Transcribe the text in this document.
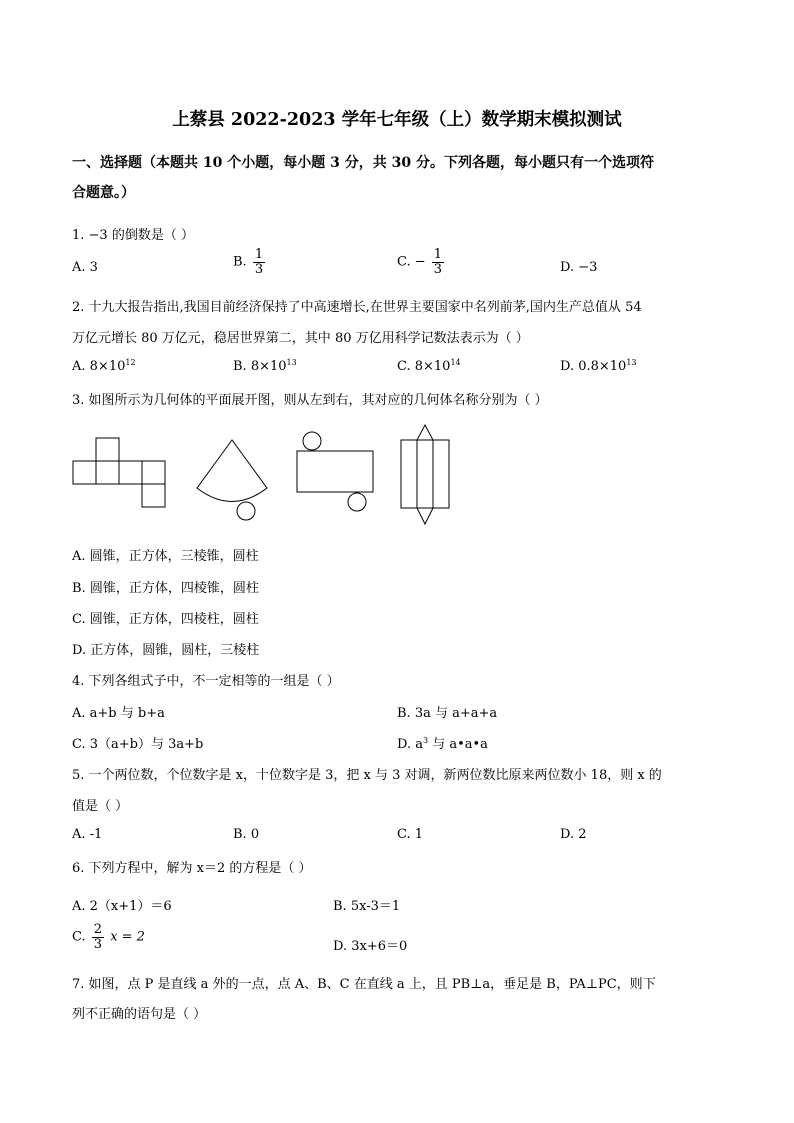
上蔡县 2022-2023 学年七年级（上）数学期末模拟测试
一、选择题（本题共 10 个小题，每小题 3 分，共 30 分。下列各题，每小题只有一个选项符
合题意。）
1. −3 的倒数是（ ）
A. 3	B. $\frac{1}{3}$	C. − $\frac{1}{3}$	D. −3
2. 十九大报告指出,我国目前经济保持了中高速增长,在世界主要国家中名列前茅,国内生产总值从 54
万亿元增长 80 万亿元，稳居世界第二，其中 80 万亿用科学记数法表示为（ ）
A. $8\times 10^{12}$	B. $8\times 10^{13}$	C. $8\times 10^{14}$	D. $0.8\times 10^{13}$
3. 如图所示为几何体的平面展开图，则从左到右，其对应的几何体名称分别为（ ）
A. 圆锥，正方体，三棱锥，圆柱
B. 圆锥，正方体，四棱锥，圆柱
C. 圆锥，正方体，四棱柱，圆柱
D. 正方体，圆锥，圆柱，三棱柱
4. 下列各组式子中，不一定相等的一组是（ ）
A. a+b 与 b+a	B. 3a 与 a+a+a
C. 3（a+b）与 3a+b	D. $a^3$ 与 a•a•a
5. 一个两位数，个位数字是 x，十位数字是 3，把 x 与 3 对调，新两位数比原来两位数小 18，则 x 的
值是（ ）
A. -1	B. 0	C. 1	D. 2
6. 下列方程中，解为 x＝2 的方程是（ ）
A. 2（x+1）＝6	B. 5x-3＝1
C. $\frac{2}{3}$ x = 2
D. 3x+6＝0
7. 如图，点 P 是直线 a 外的一点，点 A、B、C 在直线 a 上，且 PB⊥a，垂足是 B，PA⊥PC，则下
列不正确的语句是（ ）
